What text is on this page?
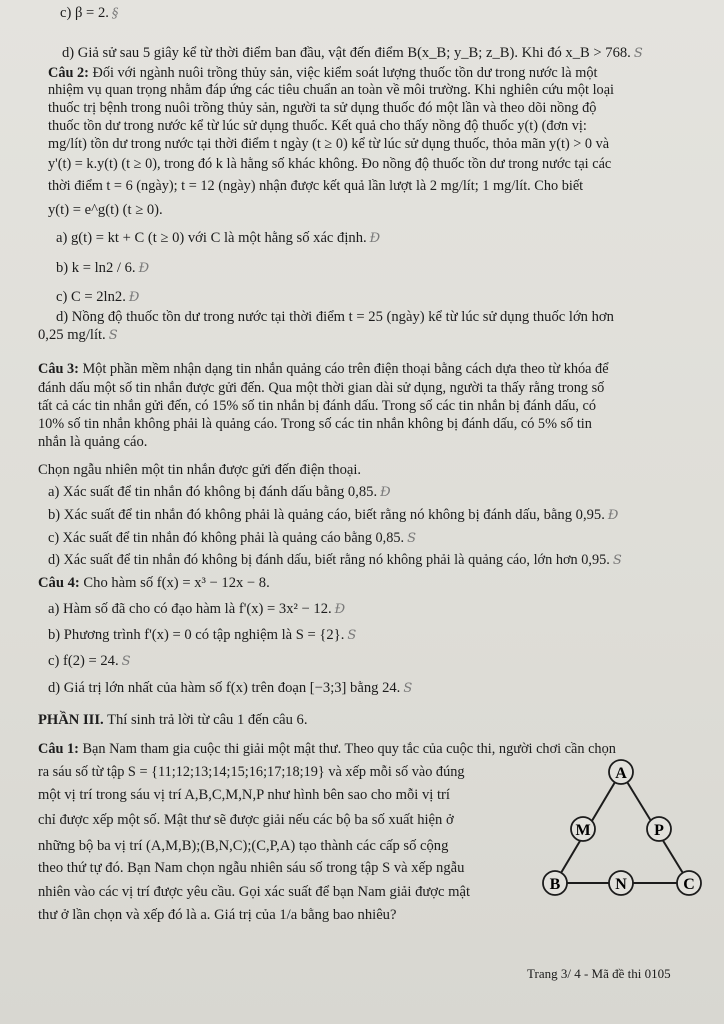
c) β = 2. §
d) Giả sử sau 5 giây kể từ thời điểm ban đầu, vật đến điểm B(x_B; y_B; z_B). Khi đó x_B > 768. S
Câu 2: Đối với ngành nuôi trồng thủy sản, việc kiểm soát lượng thuốc tồn dư trong nước là một
nhiệm vụ quan trọng nhằm đáp ứng các tiêu chuẩn an toàn về môi trường. Khi nghiên cứu một loại
thuốc trị bệnh trong nuôi trồng thủy sản, người ta sử dụng thuốc đó một lần và theo dõi nồng độ
thuốc tồn dư trong nước kể từ lúc sử dụng thuốc. Kết quả cho thấy nồng độ thuốc y(t) (đơn vị:
mg/lít) tồn dư trong nước tại thời điểm t ngày (t ≥ 0) kể từ lúc sử dụng thuốc, thỏa mãn y(t) > 0 và
y'(t) = k.y(t) (t ≥ 0), trong đó k là hằng số khác không. Đo nồng độ thuốc tồn dư trong nước tại các
thời điểm t = 6 (ngày); t = 12 (ngày) nhận được kết quả lần lượt là 2 mg/lít; 1 mg/lít. Cho biết
y(t) = e^g(t) (t ≥ 0).
a) g(t) = kt + C (t ≥ 0) với C là một hằng số xác định. Đ
b) k = ln2 / 6. Đ
c) C = 2ln2. Đ
d) Nồng độ thuốc tồn dư trong nước tại thời điểm t = 25 (ngày) kể từ lúc sử dụng thuốc lớn hơn
0,25 mg/lít. S
Câu 3: Một phần mềm nhận dạng tin nhắn quảng cáo trên điện thoại bằng cách dựa theo từ khóa để
đánh dấu một số tin nhắn được gửi đến. Qua một thời gian dài sử dụng, người ta thấy rằng trong số
tất cả các tin nhắn gửi đến, có 15% số tin nhắn bị đánh dấu. Trong số các tin nhắn bị đánh dấu, có
10% số tin nhắn không phải là quảng cáo. Trong số các tin nhắn không bị đánh dấu, có 5% số tin
nhắn là quảng cáo.
Chọn ngẫu nhiên một tin nhắn được gửi đến điện thoại.
a) Xác suất để tin nhắn đó không bị đánh dấu bằng 0,85. Đ
b) Xác suất để tin nhắn đó không phải là quảng cáo, biết rằng nó không bị đánh dấu, bằng 0,95. Đ
c) Xác suất để tin nhắn đó không phải là quảng cáo bằng 0,85. S
d) Xác suất để tin nhắn đó không bị đánh dấu, biết rằng nó không phải là quảng cáo, lớn hơn 0,95. S
Câu 4: Cho hàm số f(x) = x³ − 12x − 8.
a) Hàm số đã cho có đạo hàm là f'(x) = 3x² − 12. Đ
b) Phương trình f'(x) = 0 có tập nghiệm là S = {2}. S
c) f(2) = 24. S
d) Giá trị lớn nhất của hàm số f(x) trên đoạn [−3;3] bằng 24. S
PHẦN III. Thí sinh trả lời từ câu 1 đến câu 6.
Câu 1: Bạn Nam tham gia cuộc thi giải một mật thư. Theo quy tắc của cuộc thi, người chơi cần chọn
ra sáu số từ tập S = {11;12;13;14;15;16;17;18;19} và xếp mỗi số vào đúng
một vị trí trong sáu vị trí A,B,C,M,N,P như hình bên sao cho mỗi vị trí
chỉ được xếp một số. Mật thư sẽ được giải nếu các bộ ba số xuất hiện ở
những bộ ba vị trí (A,M,B);(B,N,C);(C,P,A) tạo thành các cấp số cộng
theo thứ tự đó. Bạn Nam chọn ngẫu nhiên sáu số trong tập S và xếp ngẫu
nhiên vào các vị trí được yêu cầu. Gọi xác suất để bạn Nam giải được mật
thư ở lần chọn và xếp đó là a. Giá trị của 1/a bằng bao nhiêu?
A
M	P
B	N	C
Trang 3/ 4 - Mã đề thi 0105
